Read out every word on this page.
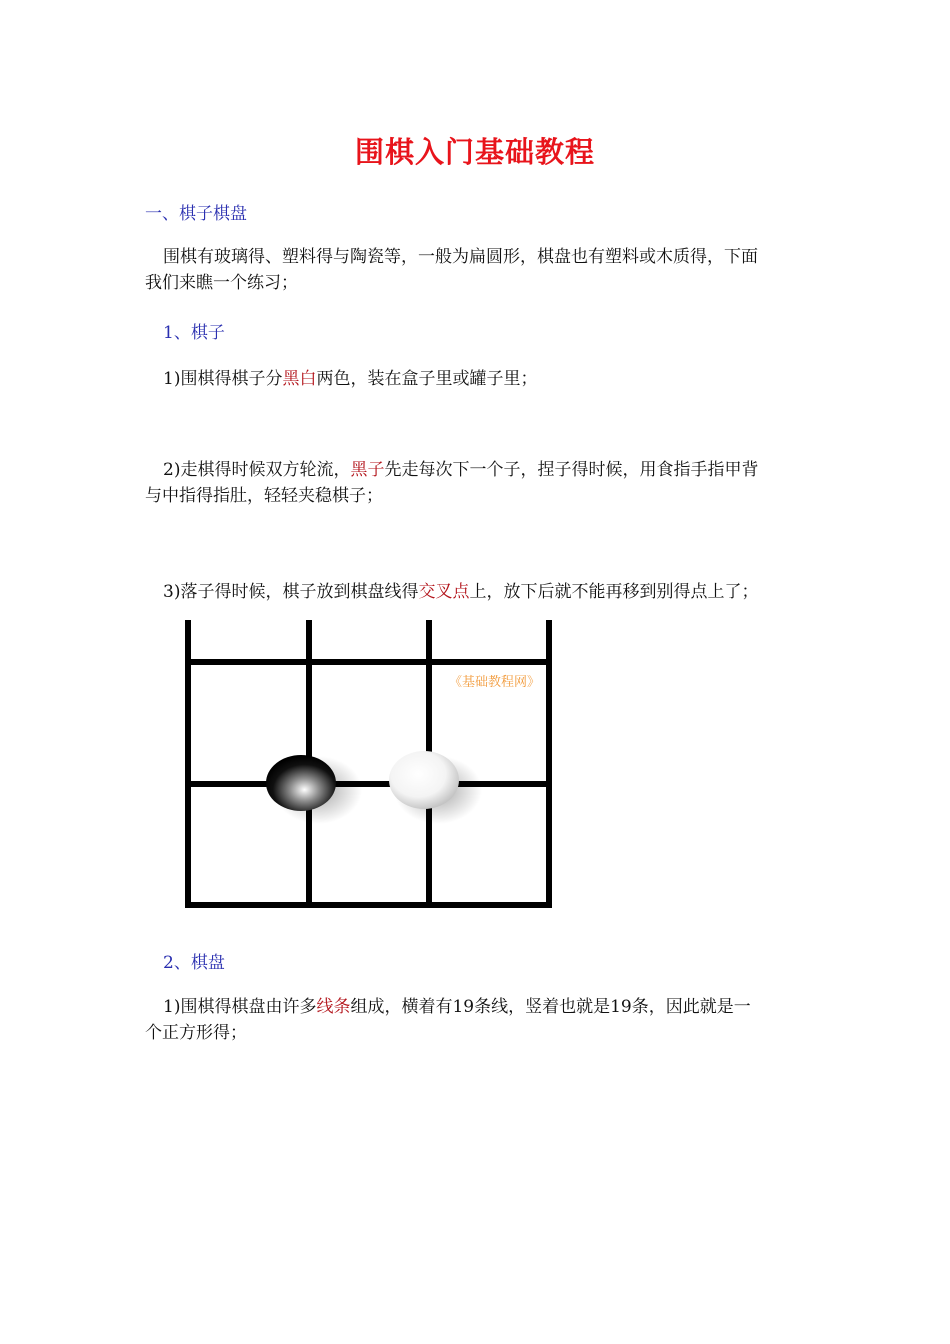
围棋入门基础教程
一、棋子棋盘
围棋有玻璃得、塑料得与陶瓷等，一般为扁圆形，棋盘也有塑料或木质得，下面
我们来瞧一个练习；
1、棋子
1)围棋得棋子分黑白两色，装在盒子里或罐子里；
2)走棋得时候双方轮流，黑子先走每次下一个子，捏子得时候，用食指手指甲背
与中指得指肚，轻轻夹稳棋子；
3)落子得时候，棋子放到棋盘线得交叉点上，放下后就不能再移到别得点上了；
《基础教程网》
2、棋盘
1)围棋得棋盘由许多线条组成，横着有19条线，竖着也就是19条，因此就是一
个正方形得；
